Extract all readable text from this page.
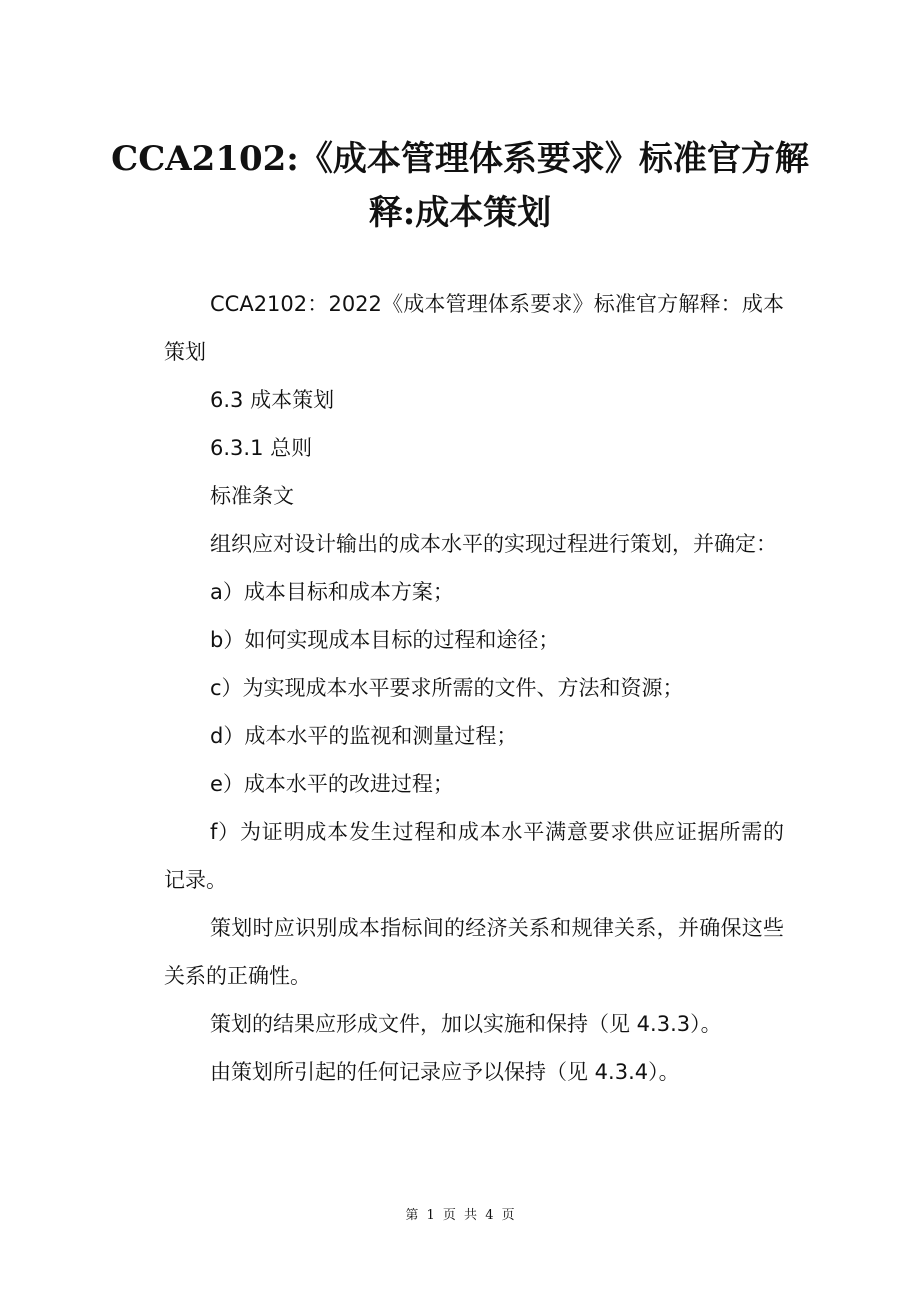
CCA2102:《成本管理体系要求》标准官方解释:成本策划

CCA2102：2022《成本管理体系要求》标准官方解释：成本策划

6.3 成本策划

6.3.1 总则

标准条文

组织应对设计输出的成本水平的实现过程进行策划，并确定：

a）成本目标和成本方案；

b）如何实现成本目标的过程和途径；

c）为实现成本水平要求所需的文件、方法和资源；

d）成本水平的监视和测量过程；

e）成本水平的改进过程；

f）为证明成本发生过程和成本水平满意要求供应证据所需的记录。

策划时应识别成本指标间的经济关系和规律关系，并确保这些关系的正确性。

策划的结果应形成文件，加以实施和保持（见 4.3.3）。

由策划所引起的任何记录应予以保持（见 4.3.4）。

第 1 页 共 4 页
